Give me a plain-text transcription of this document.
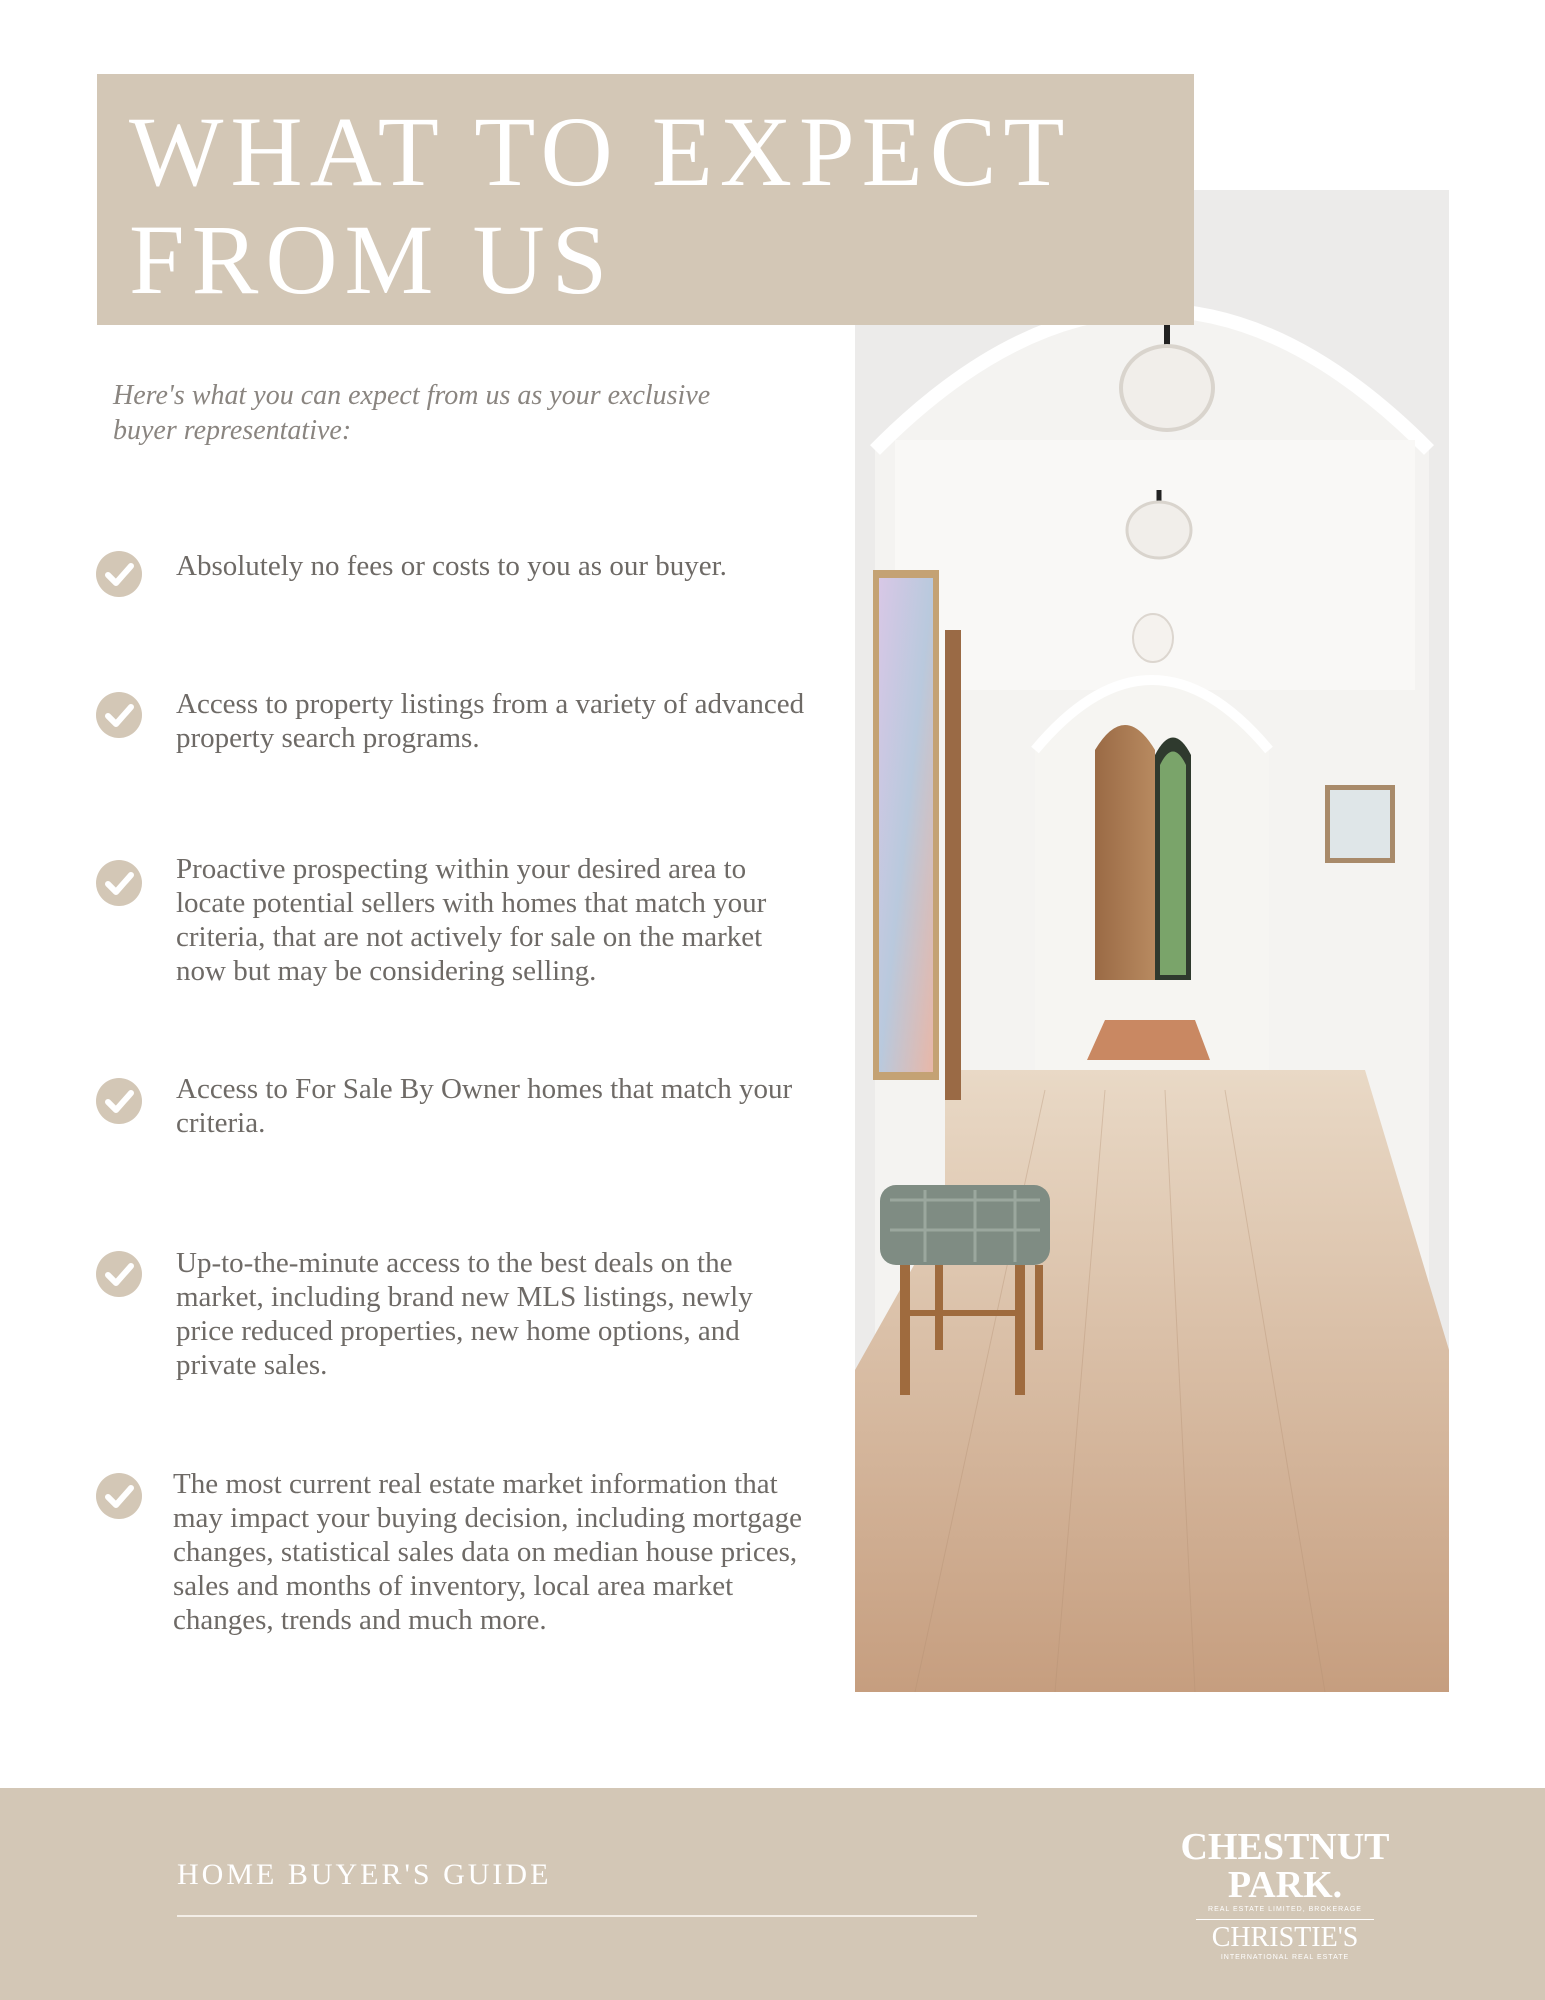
WHAT TO EXPECT
FROM US
Here's what you can expect from us as your exclusive buyer representative:
Absolutely no fees or costs to you as our buyer.
Access to property listings from a variety of advanced property search programs.
Proactive prospecting within your desired area to locate potential sellers with homes that match your criteria, that are not actively for sale on the market now but may be considering selling.
Access to For Sale By Owner homes that match your criteria.
Up-to-the-minute access to the best deals on the market, including brand new MLS listings, newly price reduced properties, new home options, and private sales.
The most current real estate market information that may impact your buying decision, including mortgage changes, statistical sales data on median house prices, sales and months of inventory, local area market changes, trends and much more.
HOME BUYER'S GUIDE
CHESTNUT
PARK.
REAL ESTATE LIMITED, BROKERAGE
CHRISTIE'S
INTERNATIONAL REAL ESTATE
